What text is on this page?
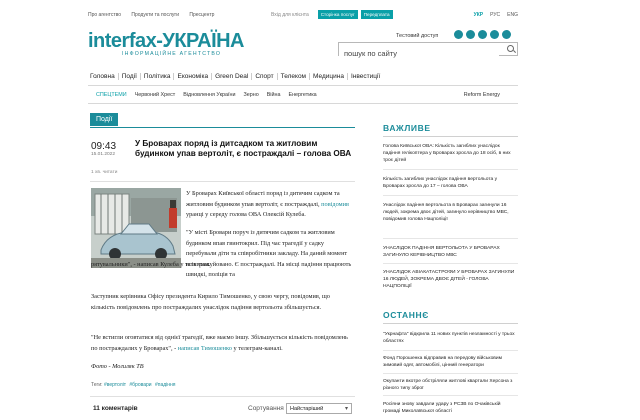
Про агентство Продукти та послуги Пресцентр	Вхід для клієнта	Сторінка послуг	Передплата	УКР РУС ENG
interfax-УКРАЇНА
ІНФОРМАЦІЙНЕ АГЕНТСТВО
Тестовий доступ
пошук по сайту
Головна	Події	Політика	Економіка	Green Deal	Спорт	Телеком	Медицина	Інвестиції
СПЕЦТЕМИ Червоний Хрест Відновлення України Зерно Війна Енергетика	Reform Energy
Події
09:43
15.01.2022
У Броварах поряд із дитсадком та житловим будинком упав вертоліт, є постраждалі – голова ОВА
1 хв. читати

У Броварах Київської області поряд із дитячим садком та житловим будинком упав вертоліт, є постраждалі, повідомив уранці у середу голова ОВА Олексій Кулеба.

"У місті Бровари поруч із дитячим садком та житловим будинком впав гвинтокрил. Під час трагедії у садку перебували діти та співробітники закладу. На даний момент всіх евакуйовано. Є постраждалі. На місці падіння працюють швидкі, поліція та

рятувальники", - написав Кулеба у телеграм.

Заступник керівника Офісу президента Кирило Тимошенко, у свою чергу, повідомив, що кількість повідомлень про постраждалих унаслідок падіння вертольота збільшується.

"Не встигли оговтатися від однієї трагедії, вже маємо іншу. Збільшується кількість повідомлень по постраждалих у Броварах", - написав Тимошенко у телеграм-каналі.

Фото - Могиляк ТВ

Теги: #вертоліт #бровари #падіння
11 коментарів	Сортування	Найстаріший ▾
ВАЖЛИВЕ
Голова Київської ОВА: Кількість загиблих унаслідок падіння гелікоптера у Броварах зросла до 18 осіб, в них троє дітей
Кількість загиблих унаслідок падіння вертольота у Броварах зросла до 17 – голова ОВА
Унаслідок падіння вертольота в Броварах загинули 16 людей, зокрема двоє дітей, загинуло керівництво МВС, повідомив голова Нацполіції
УНАСЛІДОК ПАДІННЯ ВЕРТОЛЬОТА У БРОВАРАХ ЗАГИНУЛО КЕРІВНИЦТВО МВС
УНАСЛІДОК АВІАКАТАСТРОФИ У БРОВАРАХ ЗАГИНУЛИ 16 ЛЮДЕЙ, ЗОКРЕМА ДВОЄ ДІТЕЙ - ГОЛОВА НАЦПОЛІЦІЇ
ОСТАННЄ
"Укрнафта" відкрила 11 нових пунктів незламності у трьох областях
Фонд Порошенка відправив на передову військовим зимовий одяг, автомобілі, цінний генератори
Окупанти вкотре обстріляли житлові квартали Херсона з різного типу зброї
Росіяни знову завдали удару з РСЗВ по Очаківській громаді Миколаївської області
